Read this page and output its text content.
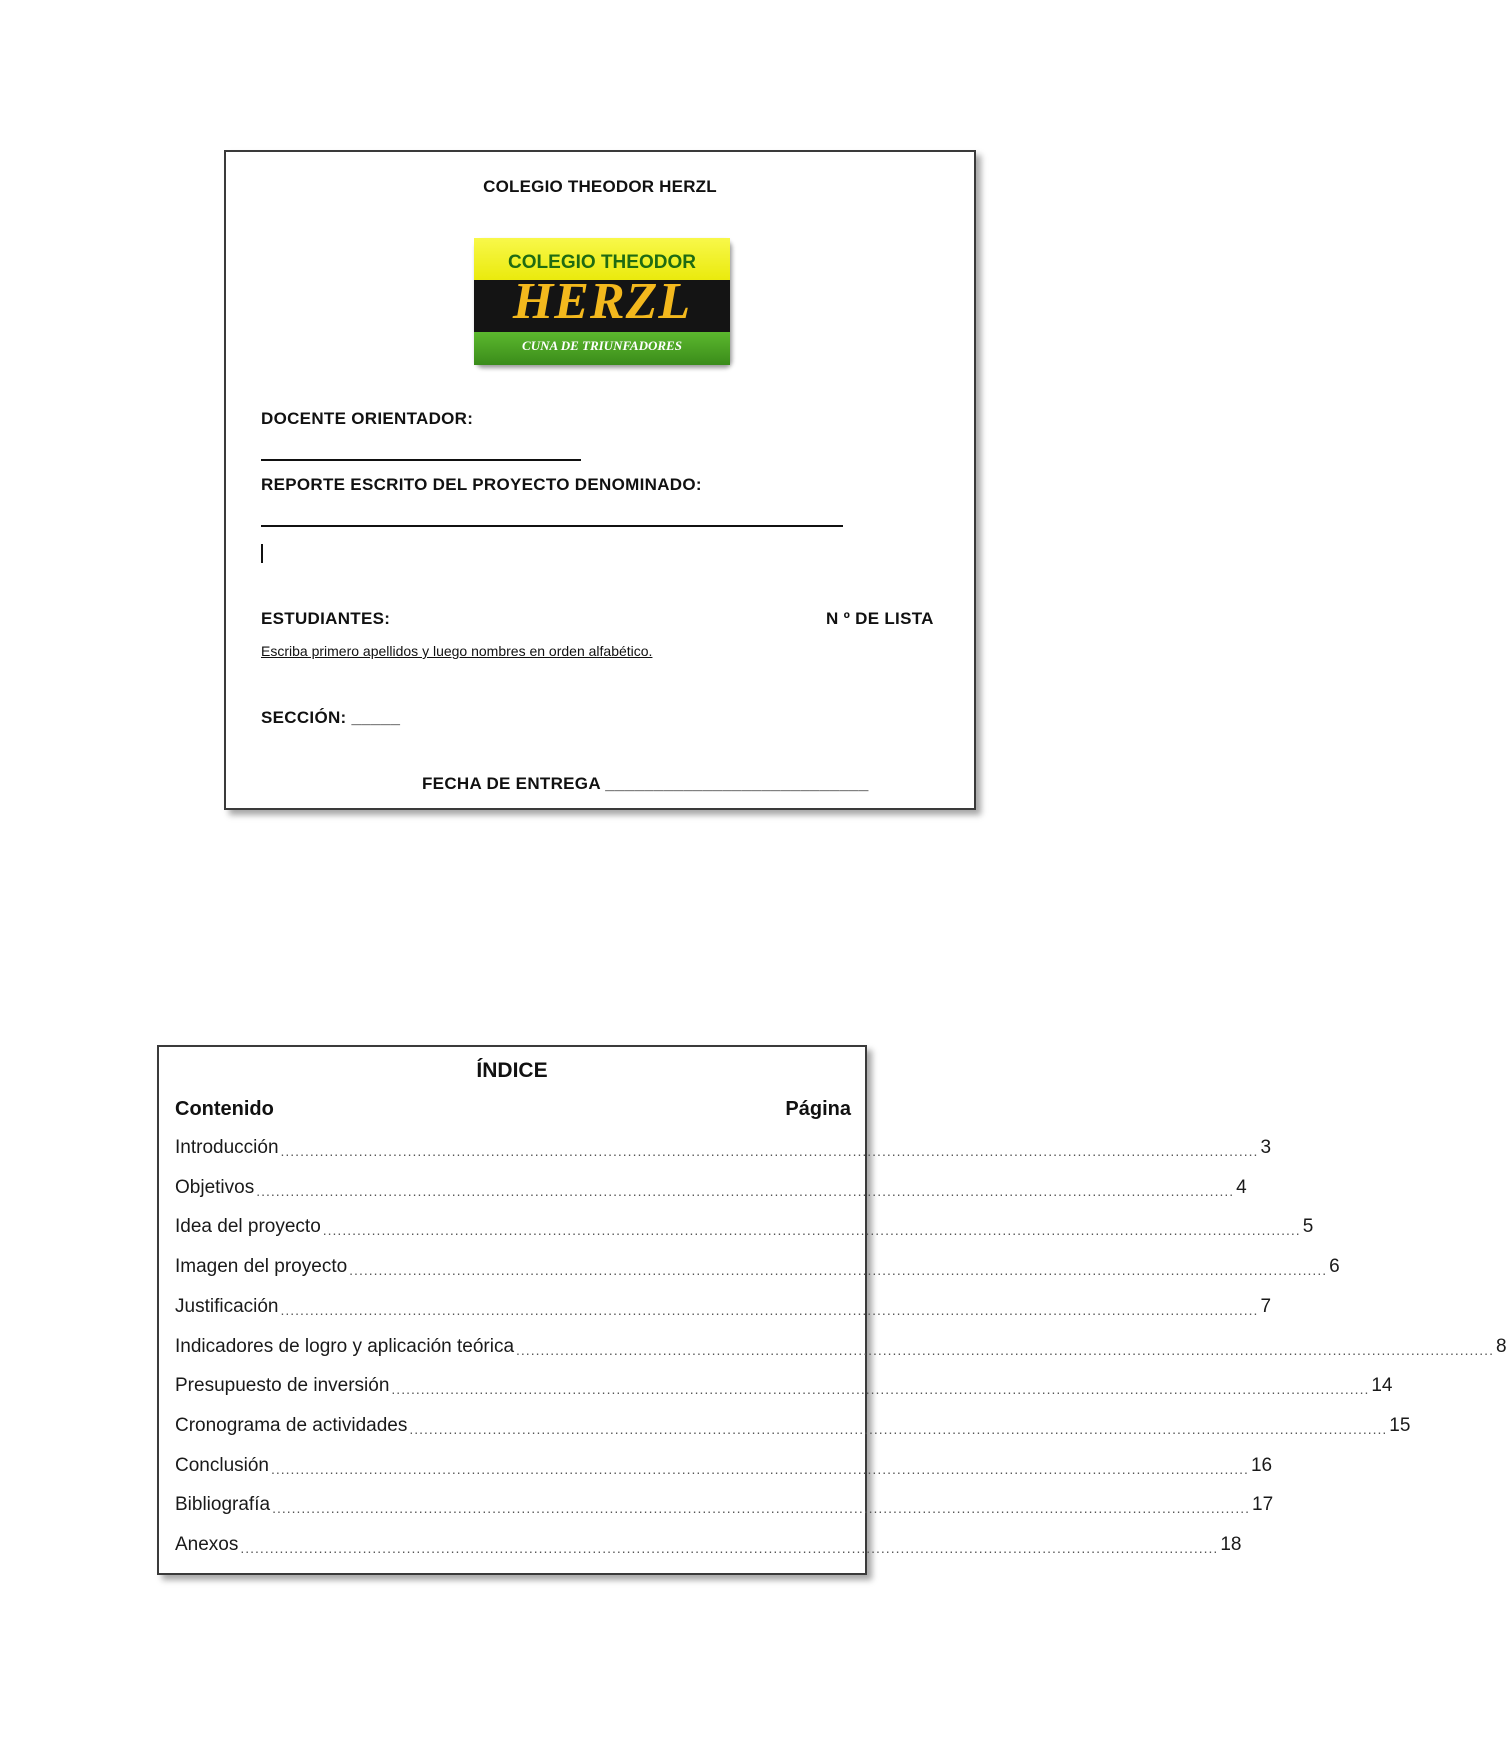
COLEGIO THEODOR HERZL
COLEGIO THEODOR
HERZL
CUNA DE TRIUNFADORES
DOCENTE ORIENTADOR:
REPORTE ESCRITO DEL PROYECTO DENOMINADO:
ESTUDIANTES:	N º DE LISTA
Escriba primero apellidos y luego nombres en orden alfabético.
SECCIÓN: _____
FECHA DE ENTREGA ___________________________
ÍNDICE
Contenido	Página
Introducción ........................................................................................................................................................................................................ 3
Objetivos ........................................................................................................................................................................................................ 4
Idea del proyecto ........................................................................................................................................................................................................ 5
Imagen del proyecto ........................................................................................................................................................................................................ 6
Justificación ........................................................................................................................................................................................................ 7
Indicadores de logro y aplicación teórica ........................................................................................................................................................................................................ 8
Presupuesto de inversión ........................................................................................................................................................................................................ 14
Cronograma de actividades ........................................................................................................................................................................................................ 15
Conclusión ........................................................................................................................................................................................................ 16
Bibliografía ........................................................................................................................................................................................................ 17
Anexos ........................................................................................................................................................................................................ 18
